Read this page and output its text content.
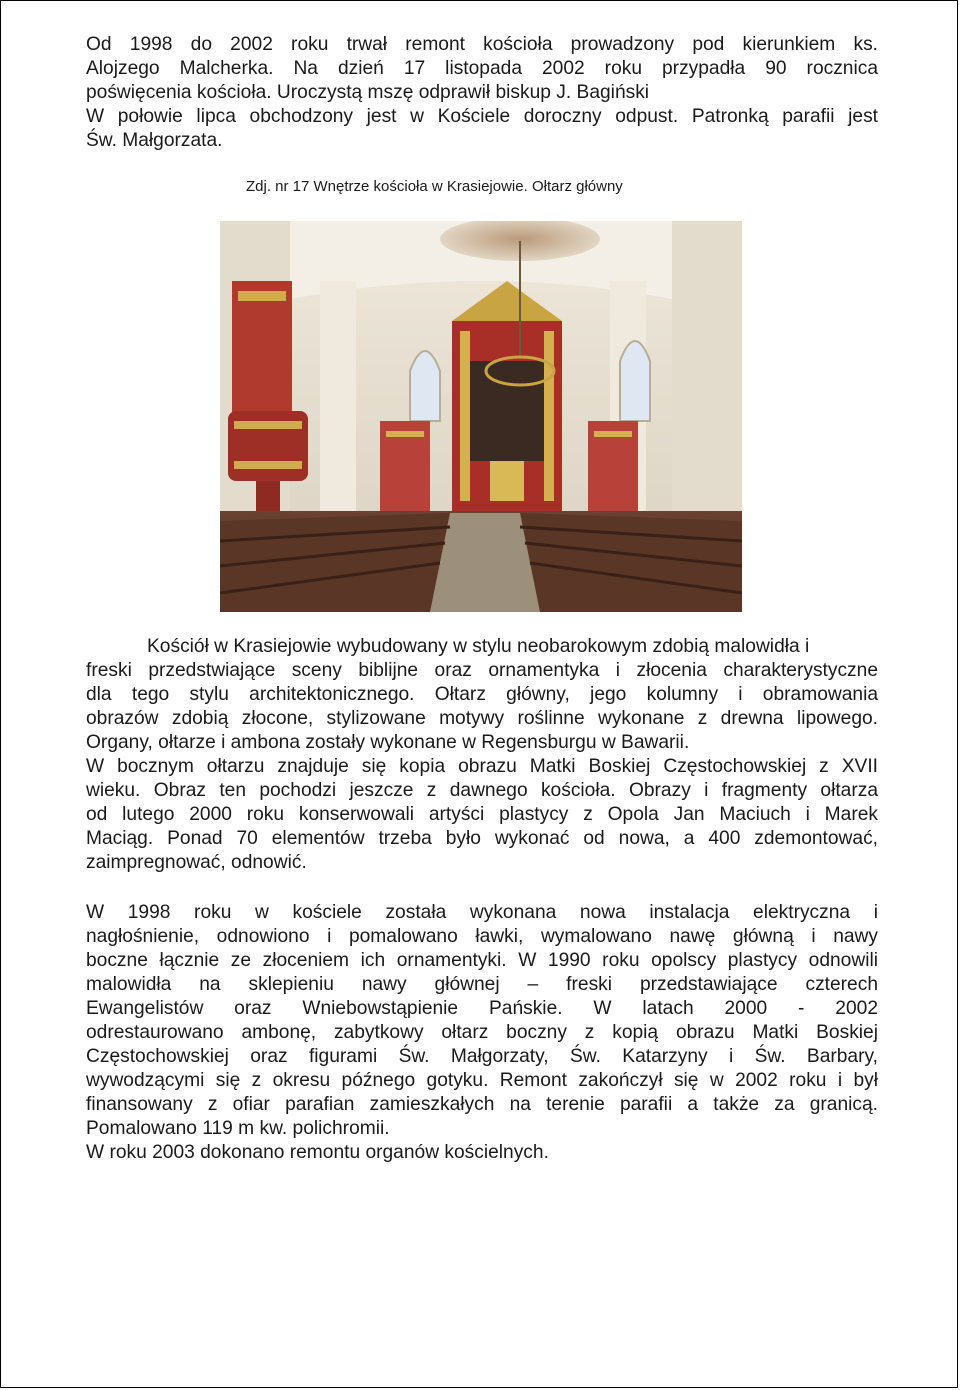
Od 1998 do 2002 roku trwał remont kościoła prowadzony pod kierunkiem ks.
Alojzego Malcherka. Na dzień 17 listopada 2002 roku przypadła 90 rocznica
poświęcenia kościoła. Uroczystą mszę odprawił biskup J. Bagiński
W połowie lipca obchodzony jest w Kościele doroczny odpust. Patronką parafii jest
Św. Małgorzata.
Zdj. nr 17 Wnętrze kościoła w Krasiejowie. Ołtarz główny
Kościół w Krasiejowie wybudowany w stylu neobarokowym zdobią malowidła i
freski przedstwiające sceny biblijne oraz ornamentyka i złocenia charakterystyczne
dla tego stylu architektonicznego. Ołtarz główny, jego kolumny i obramowania
obrazów zdobią złocone, stylizowane motywy roślinne wykonane z drewna lipowego.
Organy, ołtarze i ambona zostały wykonane w Regensburgu w Bawarii.
W bocznym ołtarzu znajduje się kopia obrazu Matki Boskiej Częstochowskiej z XVII
wieku. Obraz ten pochodzi jeszcze z dawnego kościoła. Obrazy i fragmenty ołtarza
od lutego 2000 roku konserwowali artyści plastycy z Opola Jan Maciuch i Marek
Maciąg. Ponad 70 elementów trzeba było wykonać od nowa, a 400 zdemontować,
zaimpregnować, odnowić.
W 1998 roku w kościele została wykonana nowa instalacja elektryczna i
nagłośnienie, odnowiono i pomalowano ławki, wymalowano nawę główną i nawy
boczne łącznie ze złoceniem ich ornamentyki. W 1990 roku opolscy plastycy odnowili
malowidła na sklepieniu nawy głównej – freski przedstawiające czterech
Ewangelistów oraz Wniebowstąpienie Pańskie. W latach 2000 - 2002
odrestaurowano ambonę, zabytkowy ołtarz boczny z kopią obrazu Matki Boskiej
Częstochowskiej oraz figurami Św. Małgorzaty, Św. Katarzyny i Św. Barbary,
wywodzącymi się z okresu późnego gotyku. Remont zakończył się w 2002 roku i był
finansowany z ofiar parafian zamieszkałych na terenie parafii a także za granicą.
Pomalowano 119 m kw. polichromii.
W roku 2003 dokonano remontu organów kościelnych.
